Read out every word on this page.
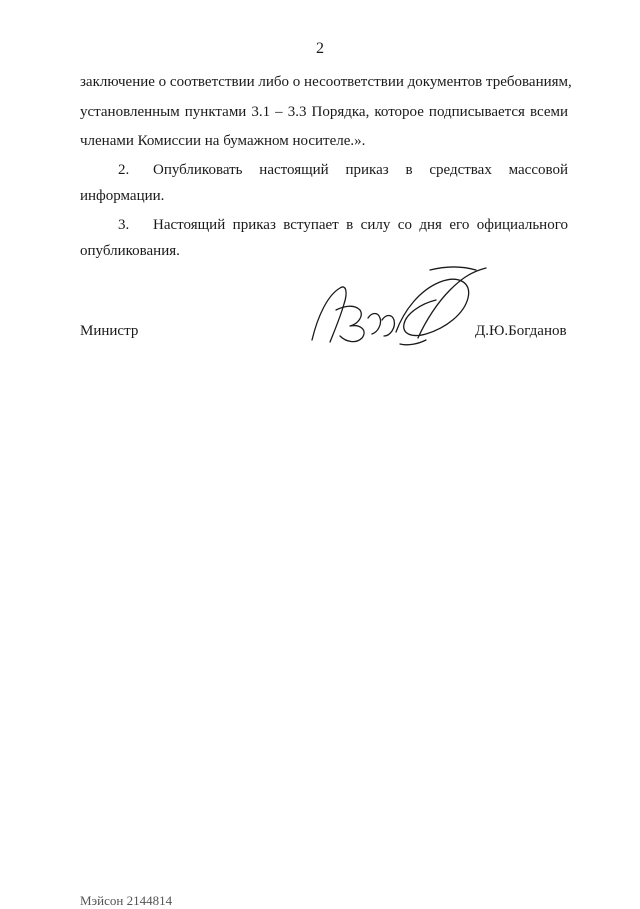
2
заключение о соответствии либо о несоответствии документов требованиям,
установленным пунктами 3.1 – 3.3 Порядка, которое подписывается всеми
членами Комиссии на бумажном носителе.».
2. Опубликовать настоящий приказ в средствах массовой
информации.
3. Настоящий приказ вступает в силу со дня его официального
опубликования.
Министр	Д.Ю.Богданов
Мэйсон 2144814
